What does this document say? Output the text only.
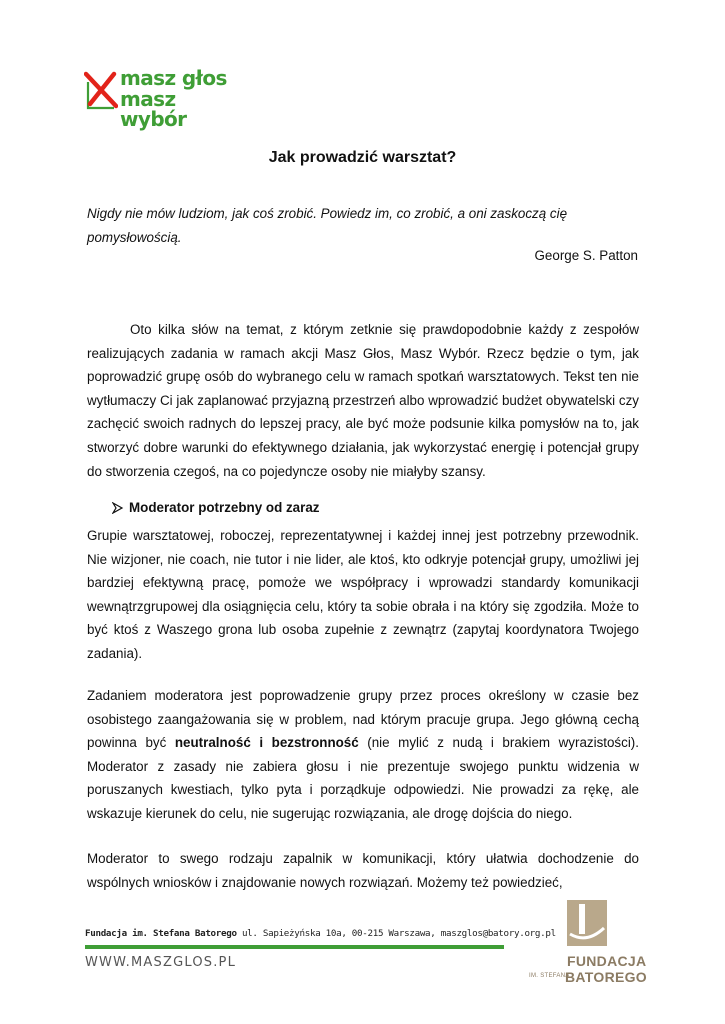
masz głos
masz wybór
Jak prowadzić warsztat?
Nigdy nie mów ludziom, jak coś zrobić. Powiedz im, co zrobić, a oni zaskoczą cię pomysłowością.
George S. Patton
Oto kilka słów na temat, z którym zetknie się prawdopodobnie każdy z zespołów realizujących zadania w ramach akcji Masz Głos, Masz Wybór. Rzecz będzie o tym, jak poprowadzić grupę osób do wybranego celu w ramach spotkań warsztatowych. Tekst ten nie wytłumaczy Ci jak zaplanować przyjazną przestrzeń albo wprowadzić budżet obywatelski czy zachęcić swoich radnych do lepszej pracy, ale być może podsunie kilka pomysłów na to, jak stworzyć dobre warunki do efektywnego działania, jak wykorzystać energię i potencjał grupy do stworzenia czegoś, na co pojedyncze osoby nie miałyby szansy.
Moderator potrzebny od zaraz
Grupie warsztatowej, roboczej, reprezentatywnej i każdej innej jest potrzebny przewodnik. Nie wizjoner, nie coach, nie tutor i nie lider, ale ktoś, kto odkryje potencjał grupy, umożliwi jej bardziej efektywną pracę, pomoże we współpracy i wprowadzi standardy komunikacji wewnątrzgrupowej dla osiągnięcia celu, który ta sobie obrała i na który się zgodziła. Może to być ktoś z Waszego grona lub osoba zupełnie z zewnątrz (zapytaj koordynatora Twojego zadania).
Zadaniem moderatora jest poprowadzenie grupy przez proces określony w czasie bez osobistego zaangażowania się w problem, nad którym pracuje grupa. Jego główną cechą powinna być neutralność i bezstronność (nie mylić z nudą i brakiem wyrazistości). Moderator z zasady nie zabiera głosu i nie prezentuje swojego punktu widzenia w poruszanych kwestiach, tylko pyta i porządkuje odpowiedzi. Nie prowadzi za rękę, ale wskazuje kierunek do celu, nie sugerując rozwiązania, ale drogę dojścia do niego.
Moderator to swego rodzaju zapalnik w komunikacji, który ułatwia dochodzenie do wspólnych wniosków i znajdowanie nowych rozwiązań. Możemy też powiedzieć,
Fundacja im. Stefana Batorego ul. Sapieżyńska 10a, 00-215 Warszawa, maszglos@batory.org.pl
WWW.MASZGLOS.PL	FUNDACJA
IM. STEFANA
BATOREGO
